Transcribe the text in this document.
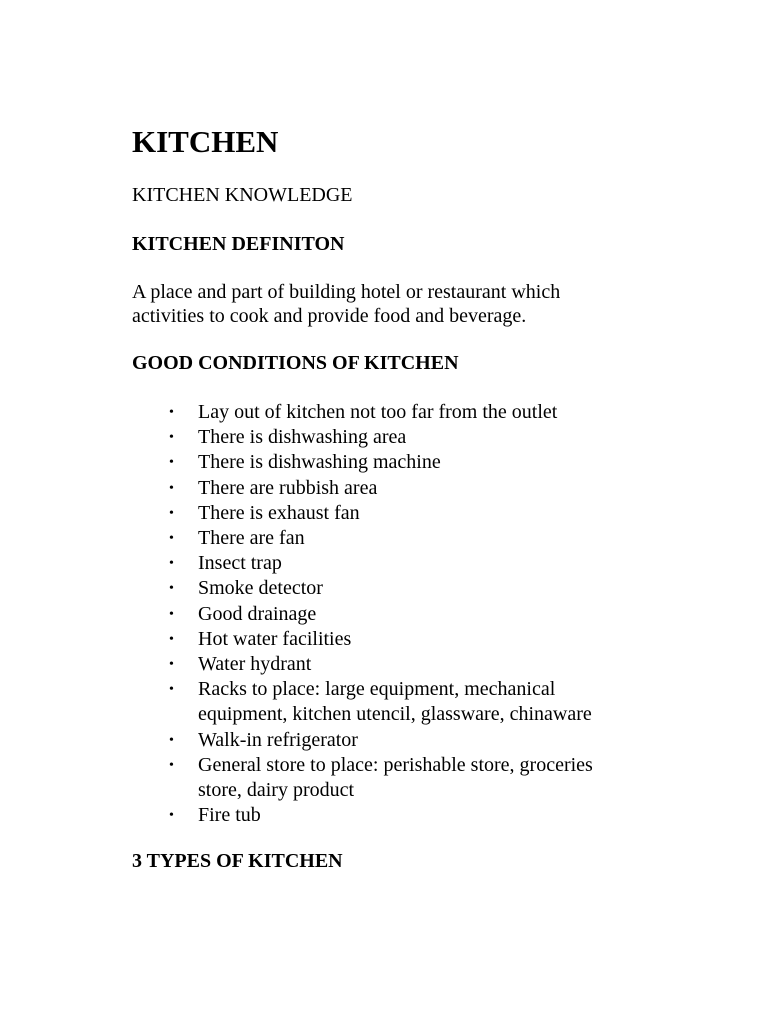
KITCHEN

KITCHEN KNOWLEDGE

KITCHEN DEFINITON

A place and part of building hotel or restaurant which
activities to cook and provide food and beverage.

GOOD CONDITIONS OF KITCHEN

• Lay out of kitchen not too far from the outlet
• There is dishwashing area
• There is dishwashing machine
• There are rubbish area
• There is exhaust fan
• There are fan
• Insect trap
• Smoke detector
• Good drainage
• Hot water facilities
• Water hydrant
• Racks to place: large equipment, mechanical
equipment, kitchen utencil, glassware, chinaware
• Walk-in refrigerator
• General store to place: perishable store, groceries
store, dairy product
• Fire tub

3 TYPES OF KITCHEN
